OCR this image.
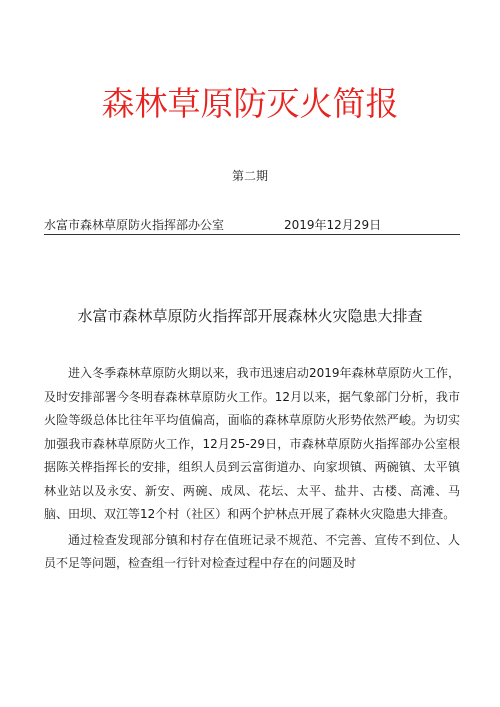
森林草原防灭火简报
第二期
水富市森林草原防火指挥部办公室	2019年12月29日
水富市森林草原防火指挥部开展森林火灾隐患大排查

进入冬季森林草原防火期以来，我市迅速启动2019年森林草原防火工作，及时安排部署今冬明春森林草原防火工作。12月以来，据气象部门分析，我市火险等级总体比往年平均值偏高，面临的森林草原防火形势依然严峻。为切实加强我市森林草原防火工作，12月25-29日，市森林草原防火指挥部办公室根据陈关桦指挥长的安排，组织人员到云富街道办、向家坝镇、两碗镇、太平镇林业站以及永安、新安、两碗、成凤、花坛、太平、盐井、古楼、高滩、马脑、田坝、双江等12个村（社区）和两个护林点开展了森林火灾隐患大排查。

通过检查发现部分镇和村存在值班记录不规范、不完善、宣传不到位、人员不足等问题，检查组一行针对检查过程中存在的问题及时
